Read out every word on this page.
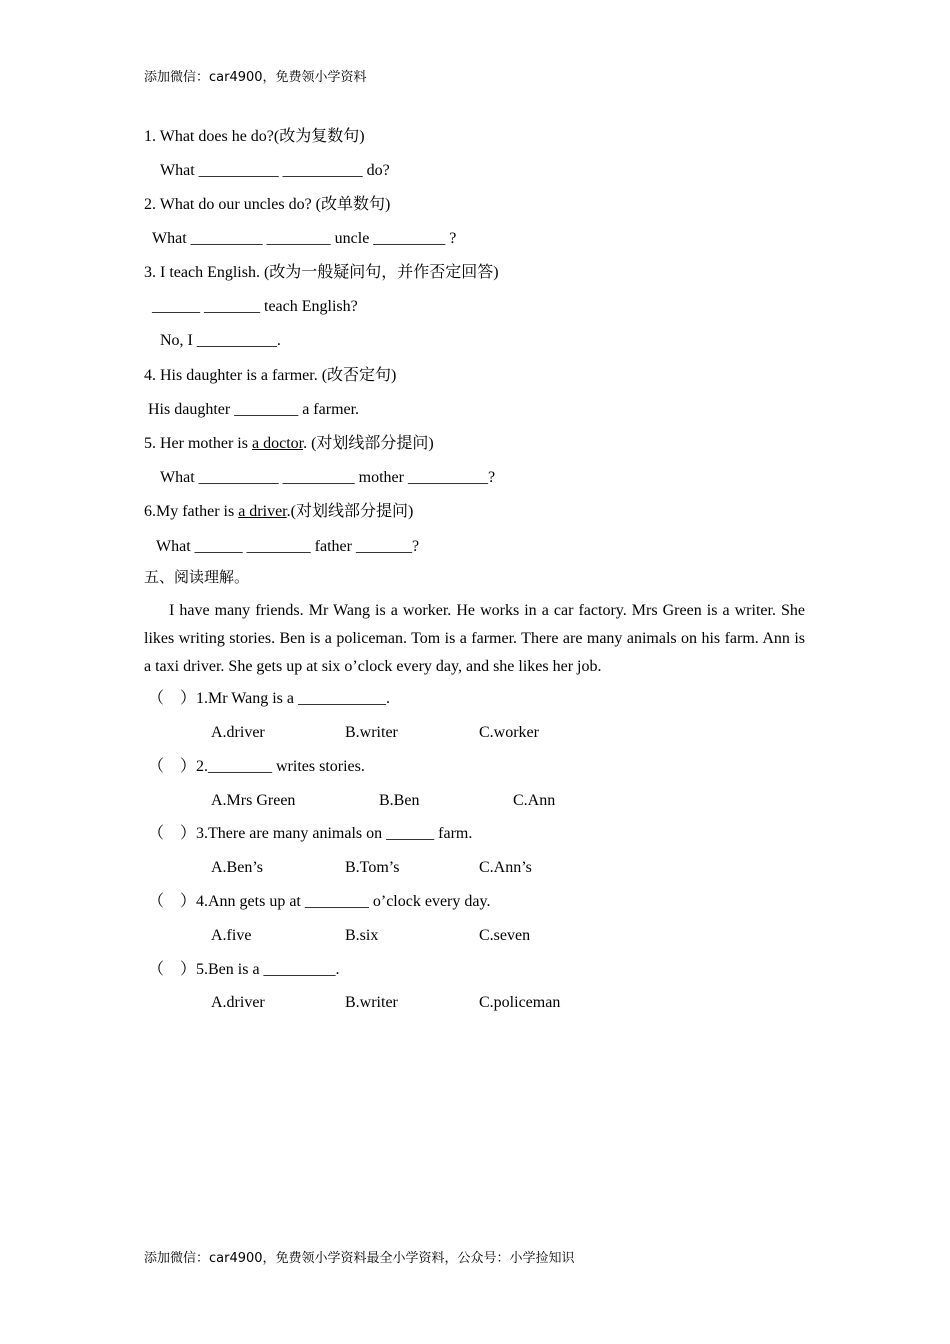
添加微信：car4900，免费领小学资料
1. What does he do?(改为复数句)
What __________ __________ do?
2. What do our uncles do? (改单数句)
What _________ ________ uncle _________ ?
3. I teach English. (改为一般疑问句，并作否定回答)
______ _______ teach English?
No, I __________.
4. His daughter is a farmer. (改否定句)
His daughter ________ a farmer.
5. Her mother is a doctor. (对划线部分提问)
What __________ _________ mother __________?
6.My father is a driver.(对划线部分提问)
What ______ ________ father _______?
五、阅读理解。
I have many friends. Mr Wang is a worker. He works in a car factory. Mrs Green is a writer. She likes writing stories. Ben is a policeman. Tom is a farmer. There are many animals on his farm. Ann is a taxi driver. She gets up at six o’clock every day, and she likes her job.
（    ）1.Mr Wang is a ___________.
A.driver	B.writer	C.worker
（    ）2.________ writes stories.
A.Mrs Green	B.Ben	C.Ann
（    ）3.There are many animals on ______ farm.
A.Ben’s	B.Tom’s	C.Ann’s
（    ）4.Ann gets up at ________ o’clock every day.
A.five	B.six	C.seven
（    ）5.Ben is a _________.
A.driver	B.writer	C.policeman
添加微信：car4900，免费领小学资料最全小学资料，公众号：小学捡知识
